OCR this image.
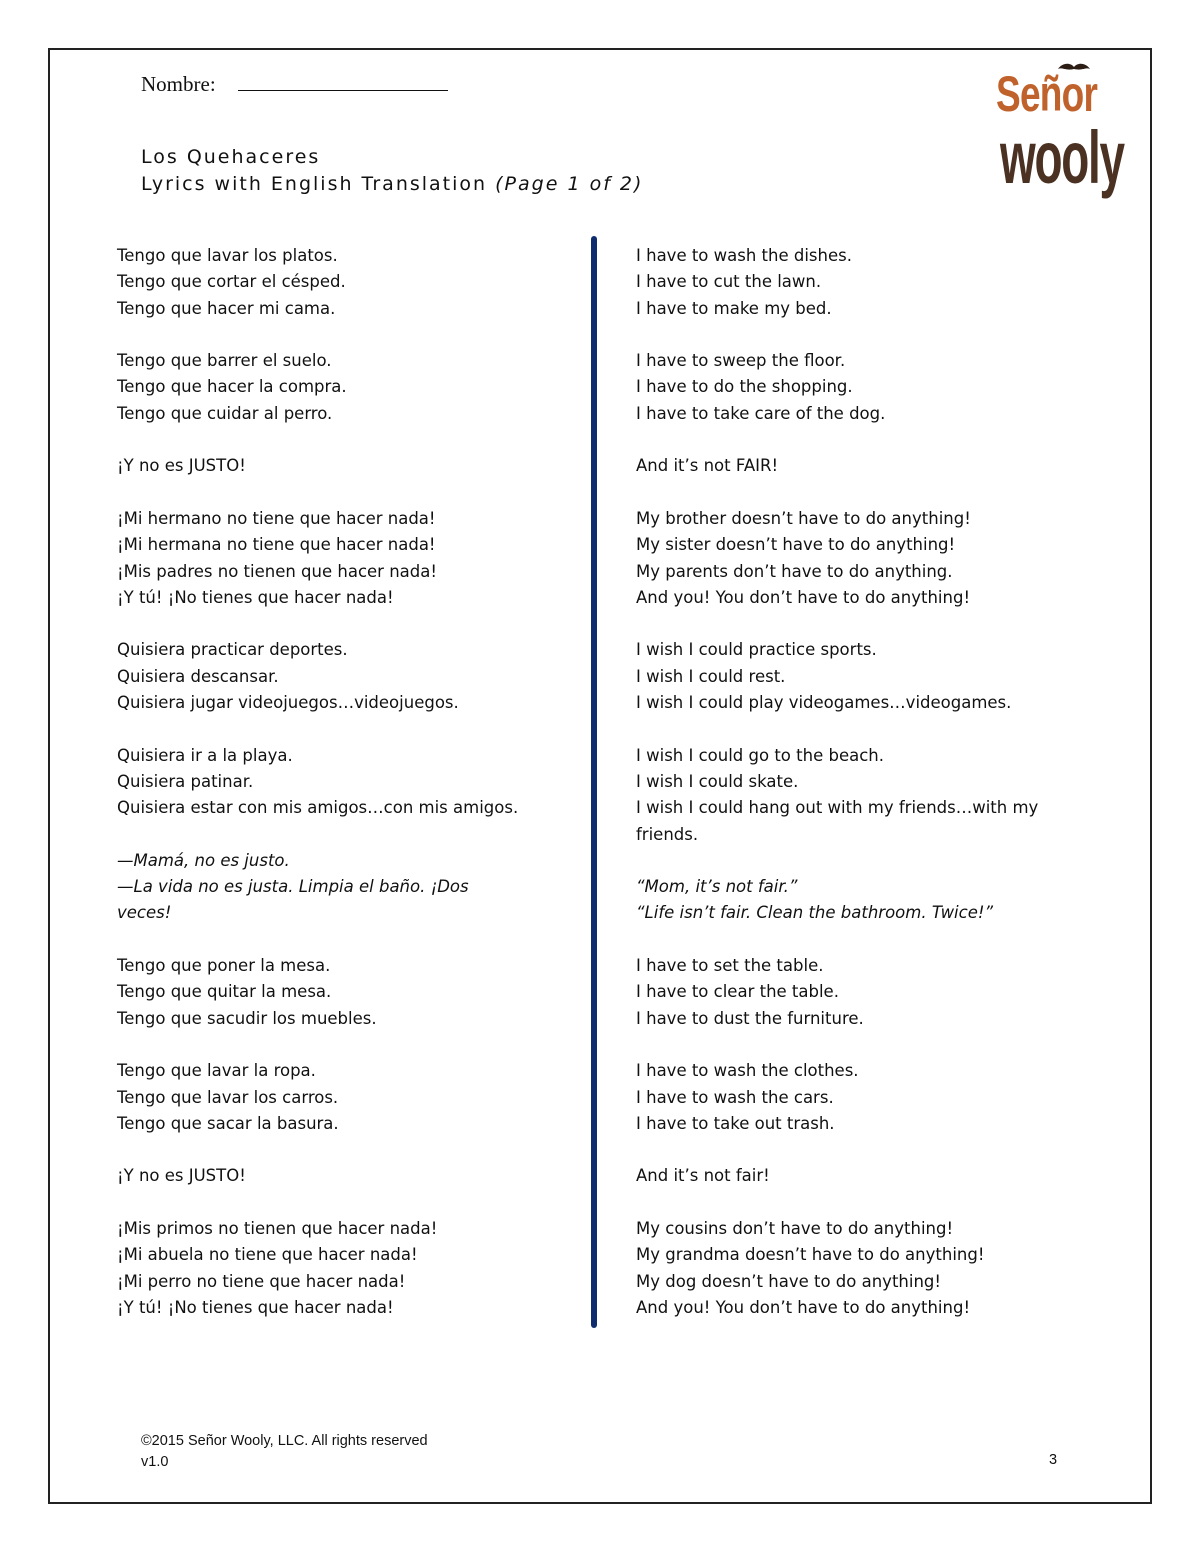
Nombre:
Los Quehaceres
Lyrics with English Translation (Page 1 of 2)
Señor
wooly
Tengo que lavar los platos.
Tengo que cortar el césped.
Tengo que hacer mi cama.
Tengo que barrer el suelo.
Tengo que hacer la compra.
Tengo que cuidar al perro.
¡Y no es JUSTO!
¡Mi hermano no tiene que hacer nada!
¡Mi hermana no tiene que hacer nada!
¡Mis padres no tienen que hacer nada!
¡Y tú! ¡No tienes que hacer nada!
Quisiera practicar deportes.
Quisiera descansar.
Quisiera jugar videojuegos…videojuegos.
Quisiera ir a la playa.
Quisiera patinar.
Quisiera estar con mis amigos…con mis amigos.
—Mamá, no es justo.
—La vida no es justa. Limpia el baño. ¡Dos
veces!
Tengo que poner la mesa.
Tengo que quitar la mesa.
Tengo que sacudir los muebles.
Tengo que lavar la ropa.
Tengo que lavar los carros.
Tengo que sacar la basura.
¡Y no es JUSTO!
¡Mis primos no tienen que hacer nada!
¡Mi abuela no tiene que hacer nada!
¡Mi perro no tiene que hacer nada!
¡Y tú! ¡No tienes que hacer nada!
I have to wash the dishes.
I have to cut the lawn.
I have to make my bed.
I have to sweep the floor.
I have to do the shopping.
I have to take care of the dog.
And it’s not FAIR!
My brother doesn’t have to do anything!
My sister doesn’t have to do anything!
My parents don’t have to do anything.
And you! You don’t have to do anything!
I wish I could practice sports.
I wish I could rest.
I wish I could play videogames…videogames.
I wish I could go to the beach.
I wish I could skate.
I wish I could hang out with my friends…with my
friends.
“Mom, it’s not fair.”
“Life isn’t fair. Clean the bathroom. Twice!”
I have to set the table.
I have to clear the table.
I have to dust the furniture.
I have to wash the clothes.
I have to wash the cars.
I have to take out trash.
And it’s not fair!
My cousins don’t have to do anything!
My grandma doesn’t have to do anything!
My dog doesn’t have to do anything!
And you! You don’t have to do anything!
©2015 Señor Wooly, LLC. All rights reserved
v1.0	3
